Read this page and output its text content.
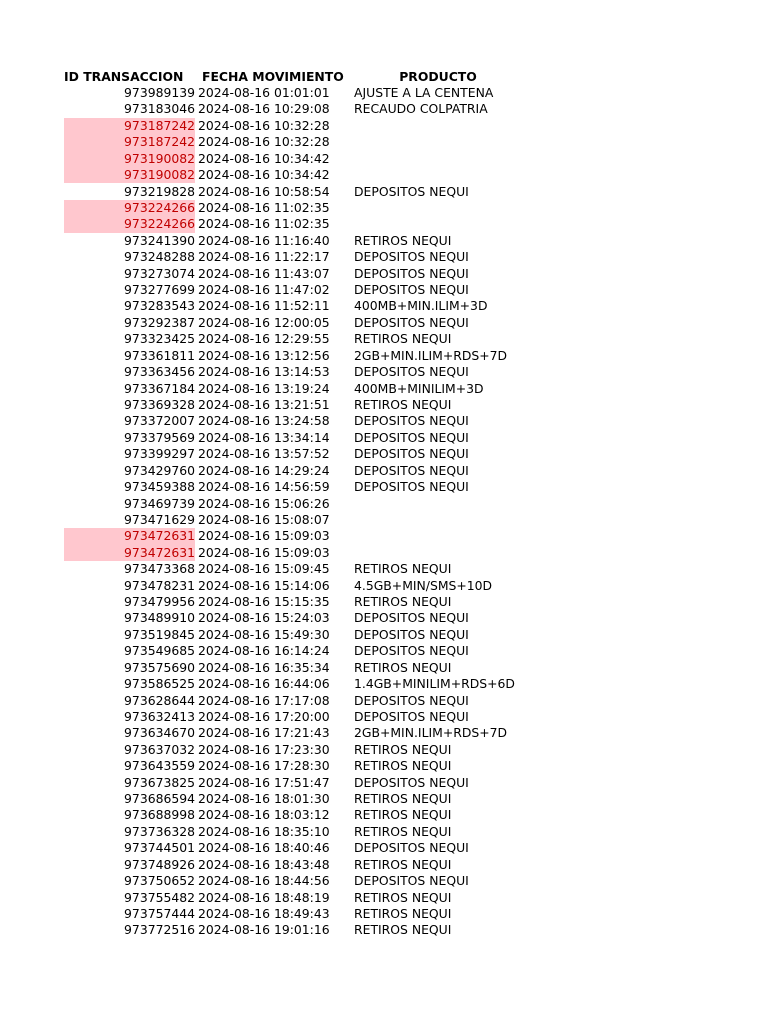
ID TRANSACCION	FECHA MOVIMIENTO	PRODUCTO
973989139 2024-08-16 01:01:01	AJUSTE A LA CENTENA
973183046 2024-08-16 10:29:08	RECAUDO COLPATRIA
973187242 2024-08-16 10:32:28
973187242 2024-08-16 10:32:28
973190082 2024-08-16 10:34:42
973190082 2024-08-16 10:34:42
973219828 2024-08-16 10:58:54	DEPOSITOS NEQUI
973224266 2024-08-16 11:02:35
973224266 2024-08-16 11:02:35
973241390 2024-08-16 11:16:40	RETIROS NEQUI
973248288 2024-08-16 11:22:17	DEPOSITOS NEQUI
973273074 2024-08-16 11:43:07	DEPOSITOS NEQUI
973277699 2024-08-16 11:47:02	DEPOSITOS NEQUI
973283543 2024-08-16 11:52:11	400MB+MIN.ILIM+3D
973292387 2024-08-16 12:00:05	DEPOSITOS NEQUI
973323425 2024-08-16 12:29:55	RETIROS NEQUI
973361811 2024-08-16 13:12:56	2GB+MIN.ILIM+RDS+7D
973363456 2024-08-16 13:14:53	DEPOSITOS NEQUI
973367184 2024-08-16 13:19:24	400MB+MINILIM+3D
973369328 2024-08-16 13:21:51	RETIROS NEQUI
973372007 2024-08-16 13:24:58	DEPOSITOS NEQUI
973379569 2024-08-16 13:34:14	DEPOSITOS NEQUI
973399297 2024-08-16 13:57:52	DEPOSITOS NEQUI
973429760 2024-08-16 14:29:24	DEPOSITOS NEQUI
973459388 2024-08-16 14:56:59	DEPOSITOS NEQUI
973469739 2024-08-16 15:06:26
973471629 2024-08-16 15:08:07
973472631 2024-08-16 15:09:03
973472631 2024-08-16 15:09:03
973473368 2024-08-16 15:09:45	RETIROS NEQUI
973478231 2024-08-16 15:14:06	4.5GB+MIN/SMS+10D
973479956 2024-08-16 15:15:35	RETIROS NEQUI
973489910 2024-08-16 15:24:03	DEPOSITOS NEQUI
973519845 2024-08-16 15:49:30	DEPOSITOS NEQUI
973549685 2024-08-16 16:14:24	DEPOSITOS NEQUI
973575690 2024-08-16 16:35:34	RETIROS NEQUI
973586525 2024-08-16 16:44:06	1.4GB+MINILIM+RDS+6D
973628644 2024-08-16 17:17:08	DEPOSITOS NEQUI
973632413 2024-08-16 17:20:00	DEPOSITOS NEQUI
973634670 2024-08-16 17:21:43	2GB+MIN.ILIM+RDS+7D
973637032 2024-08-16 17:23:30	RETIROS NEQUI
973643559 2024-08-16 17:28:30	RETIROS NEQUI
973673825 2024-08-16 17:51:47	DEPOSITOS NEQUI
973686594 2024-08-16 18:01:30	RETIROS NEQUI
973688998 2024-08-16 18:03:12	RETIROS NEQUI
973736328 2024-08-16 18:35:10	RETIROS NEQUI
973744501 2024-08-16 18:40:46	DEPOSITOS NEQUI
973748926 2024-08-16 18:43:48	RETIROS NEQUI
973750652 2024-08-16 18:44:56	DEPOSITOS NEQUI
973755482 2024-08-16 18:48:19	RETIROS NEQUI
973757444 2024-08-16 18:49:43	RETIROS NEQUI
973772516 2024-08-16 19:01:16	RETIROS NEQUI
